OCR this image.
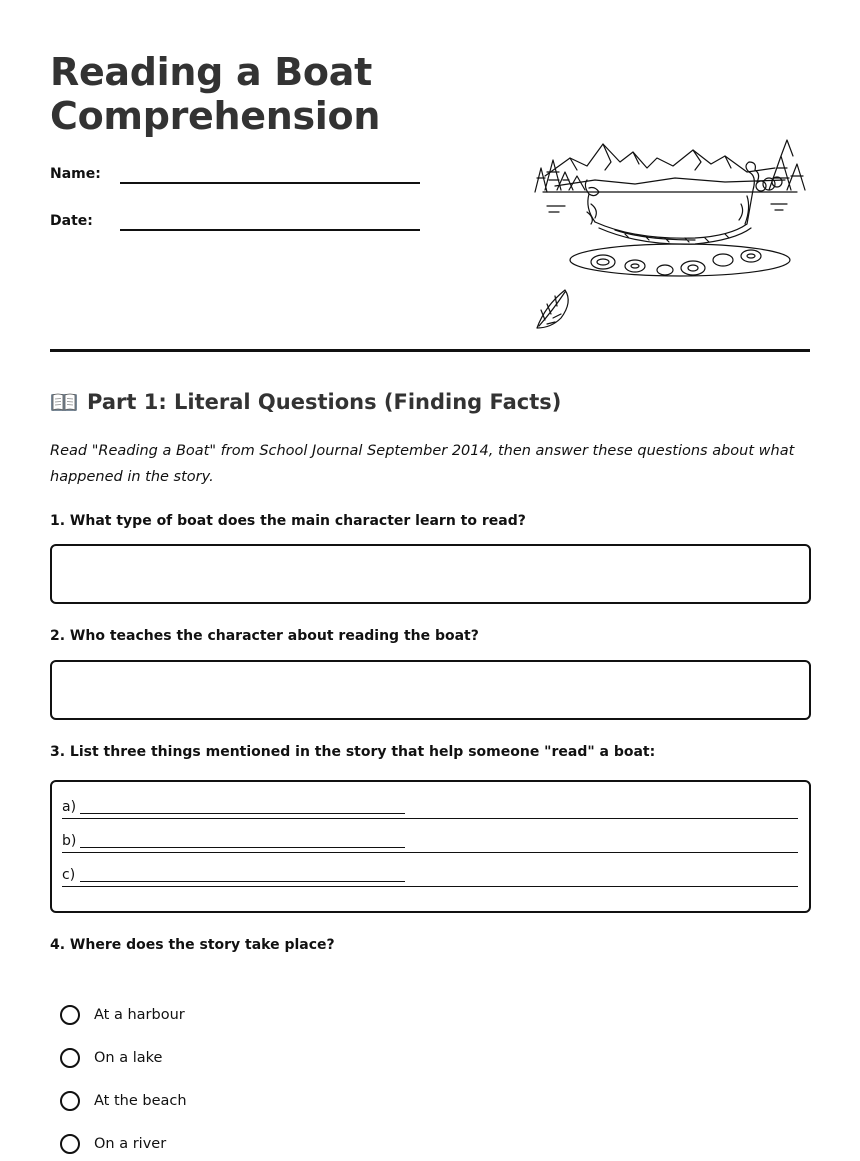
Reading a Boat Comprehension
Name:
Date:
Part 1: Literal Questions (Finding Facts)

Read "Reading a Boat" from School Journal September 2014, then answer these questions about what happened in the story.

1. What type of boat does the main character learn to read?

2. Who teaches the character about reading the boat?

3. List three things mentioned in the story that help someone "read" a boat:

a)
b)
c)

4. Where does the story take place?

At a harbour
On a lake
At the beach
On a river
